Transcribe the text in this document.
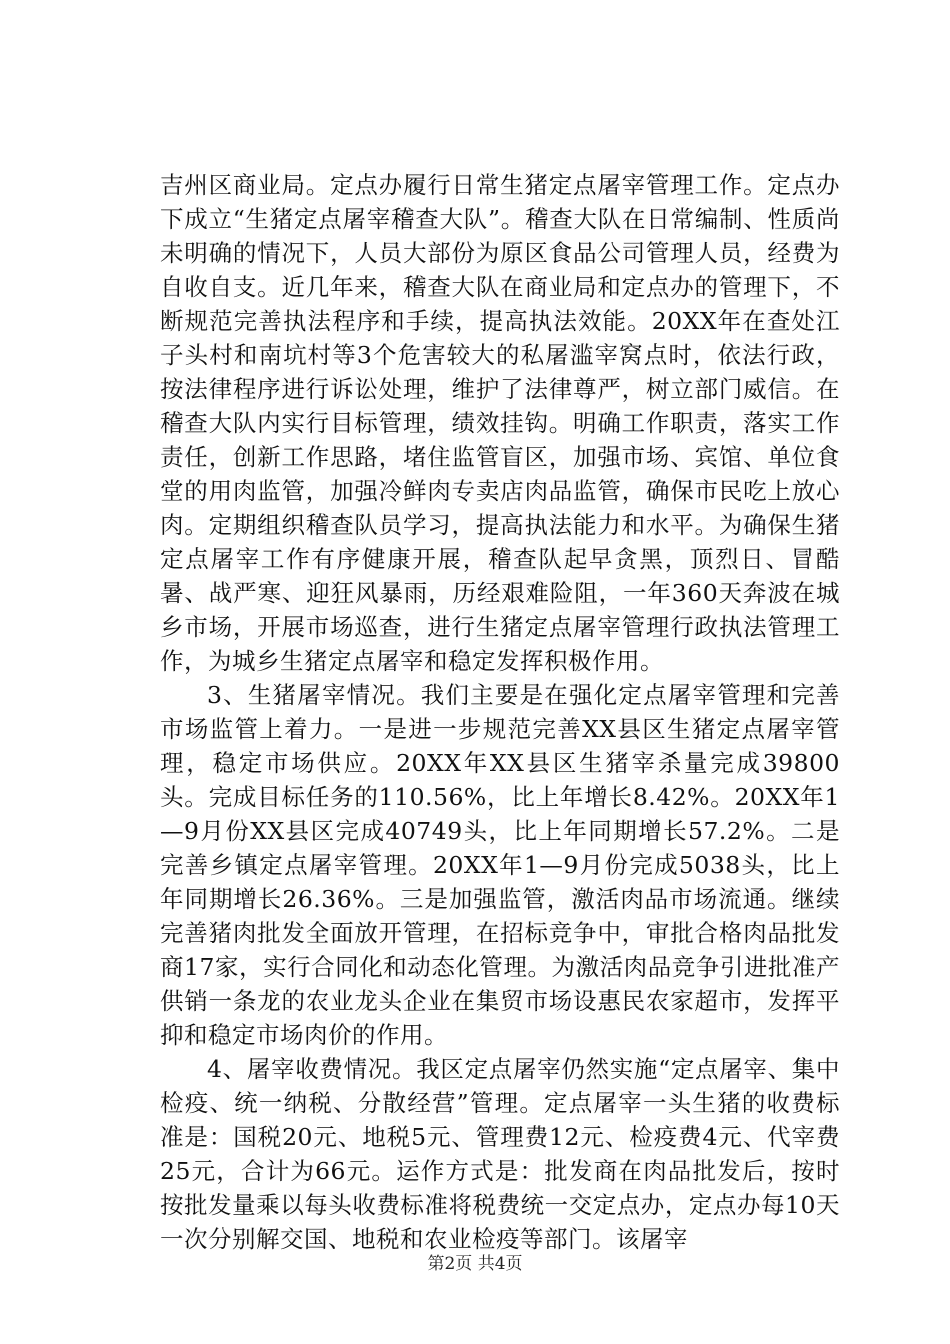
吉州区商业局。定点办履行日常生猪定点屠宰管理工作。定点办下成立“生猪定点屠宰稽查大队”。稽查大队在日常编制、性质尚未明确的情况下，人员大部份为原区食品公司管理人员，经费为自收自支。近几年来，稽查大队在商业局和定点办的管理下，不断规范完善执法程序和手续，提高执法效能。20XX年在查处江子头村和南坑村等3个危害较大的私屠滥宰窝点时，依法行政，按法律程序进行诉讼处理，维护了法律尊严，树立部门威信。在稽查大队内实行目标管理，绩效挂钩。明确工作职责，落实工作责任，创新工作思路，堵住监管盲区，加强市场、宾馆、单位食堂的用肉监管，加强冷鲜肉专卖店肉品监管，确保市民吃上放心肉。定期组织稽查队员学习，提高执法能力和水平。为确保生猪定点屠宰工作有序健康开展，稽查队起早贪黑，顶烈日、冒酷暑、战严寒、迎狂风暴雨，历经艰难险阻，一年360天奔波在城乡市场，开展市场巡查，进行生猪定点屠宰管理行政执法管理工作，为城乡生猪定点屠宰和稳定发挥积极作用。

3、生猪屠宰情况。我们主要是在强化定点屠宰管理和完善市场监管上着力。一是进一步规范完善XX县区生猪定点屠宰管理，稳定市场供应。20XX年XX县区生猪宰杀量完成39800头。完成目标任务的110.56%，比上年增长8.42%。20XX年1—9月份XX县区完成40749头，比上年同期增长57.2%。二是完善乡镇定点屠宰管理。20XX年1—9月份完成5038头，比上年同期增长26.36%。三是加强监管，激活肉品市场流通。继续完善猪肉批发全面放开管理，在招标竞争中，审批合格肉品批发商17家，实行合同化和动态化管理。为激活肉品竞争引进批准产供销一条龙的农业龙头企业在集贸市场设惠民农家超市，发挥平抑和稳定市场肉价的作用。

4、屠宰收费情况。我区定点屠宰仍然实施“定点屠宰、集中检疫、统一纳税、分散经营”管理。定点屠宰一头生猪的收费标准是：国税20元、地税5元、管理费12元、检疫费4元、代宰费25元，合计为66元。运作方式是：批发商在肉品批发后，按时按批发量乘以每头收费标准将税费统一交定点办，定点办每10天一次分别解交国、地税和农业检疫等部门。该屠宰

第2页 共4页
